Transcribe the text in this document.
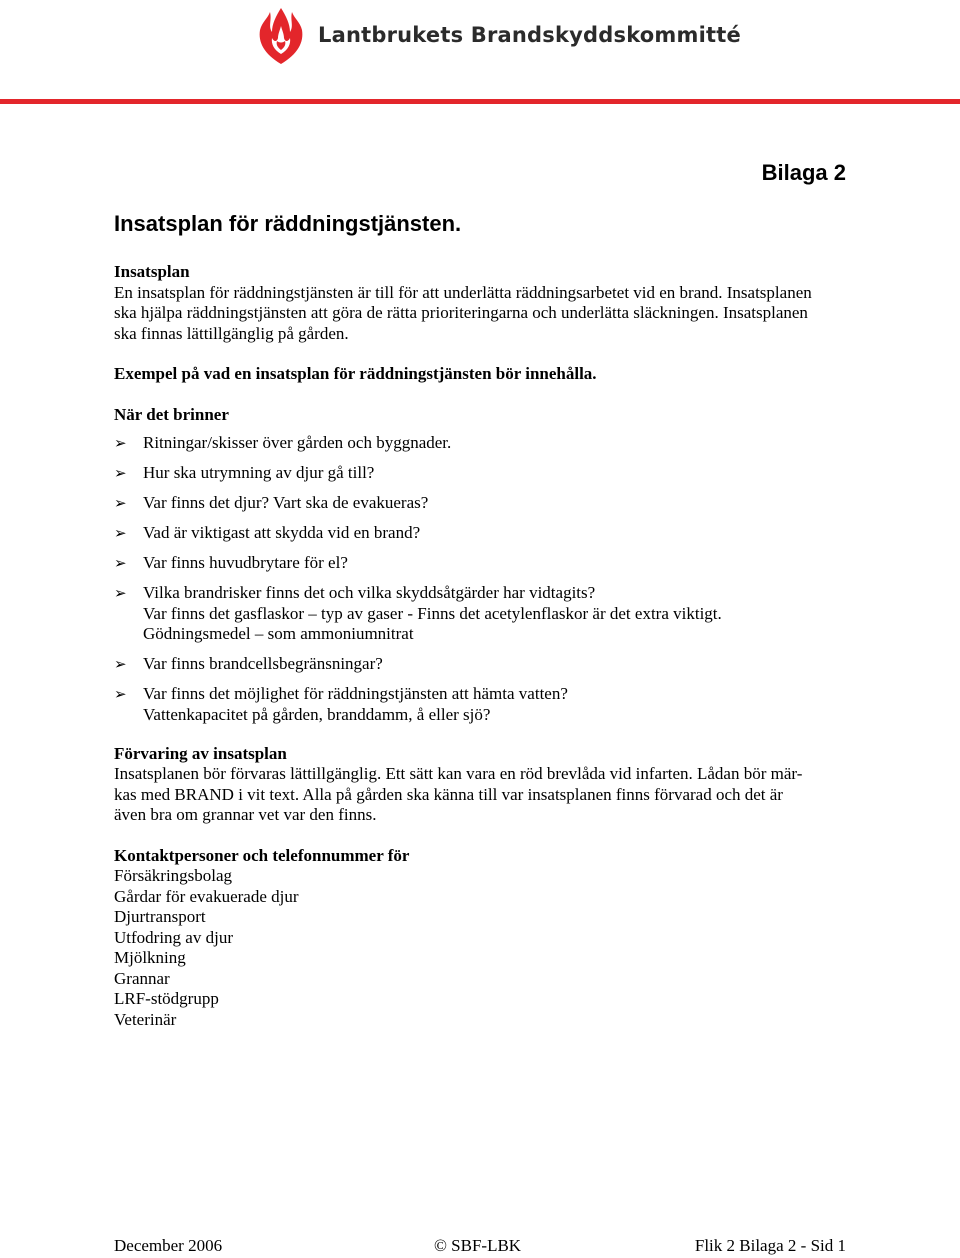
Lantbrukets Brandskyddskommitté
Bilaga 2
Insatsplan för räddningstjänsten.

Insatsplan

En insatsplan för räddningstjänsten är till för att underlätta räddningsarbetet vid en brand. Insatsplanen

ska hjälpa räddningstjänsten att göra de rätta prioriteringarna och underlätta släckningen. Insatsplanen

ska finnas lättillgänglig på gården.

Exempel på vad en insatsplan för räddningstjänsten bör innehålla.

När det brinner

➢ Ritningar/skisser över gården och byggnader.
➢ Hur ska utrymning av djur gå till?
➢ Var finns det djur? Vart ska de evakueras?
➢ Vad är viktigast att skydda vid en brand?
➢ Var finns huvudbrytare för el?
➢ Vilka brandrisker finns det och vilka skyddsåtgärder har vidtagits?
Var finns det gasflaskor – typ av gaser - Finns det acetylenflaskor är det extra viktigt.
Gödningsmedel – som ammoniumnitrat
➢ Var finns brandcellsbegränsningar?
➢ Var finns det möjlighet för räddningstjänsten att hämta vatten?
Vattenkapacitet på gården, branddamm, å eller sjö?

Förvaring av insatsplan

Insatsplanen bör förvaras lättillgänglig. Ett sätt kan vara en röd brevlåda vid infarten. Lådan bör mär-

kas med BRAND i vit text. Alla på gården ska känna till var insatsplanen finns förvarad och det är

även bra om grannar vet var den finns.

Kontaktpersoner och telefonnummer för

Försäkringsbolag

Gårdar för evakuerade djur

Djurtransport

Utfodring av djur

Mjölkning

Grannar

LRF-stödgrupp

Veterinär

December 2006	© SBF-LBK	Flik 2 Bilaga 2 - Sid 1
